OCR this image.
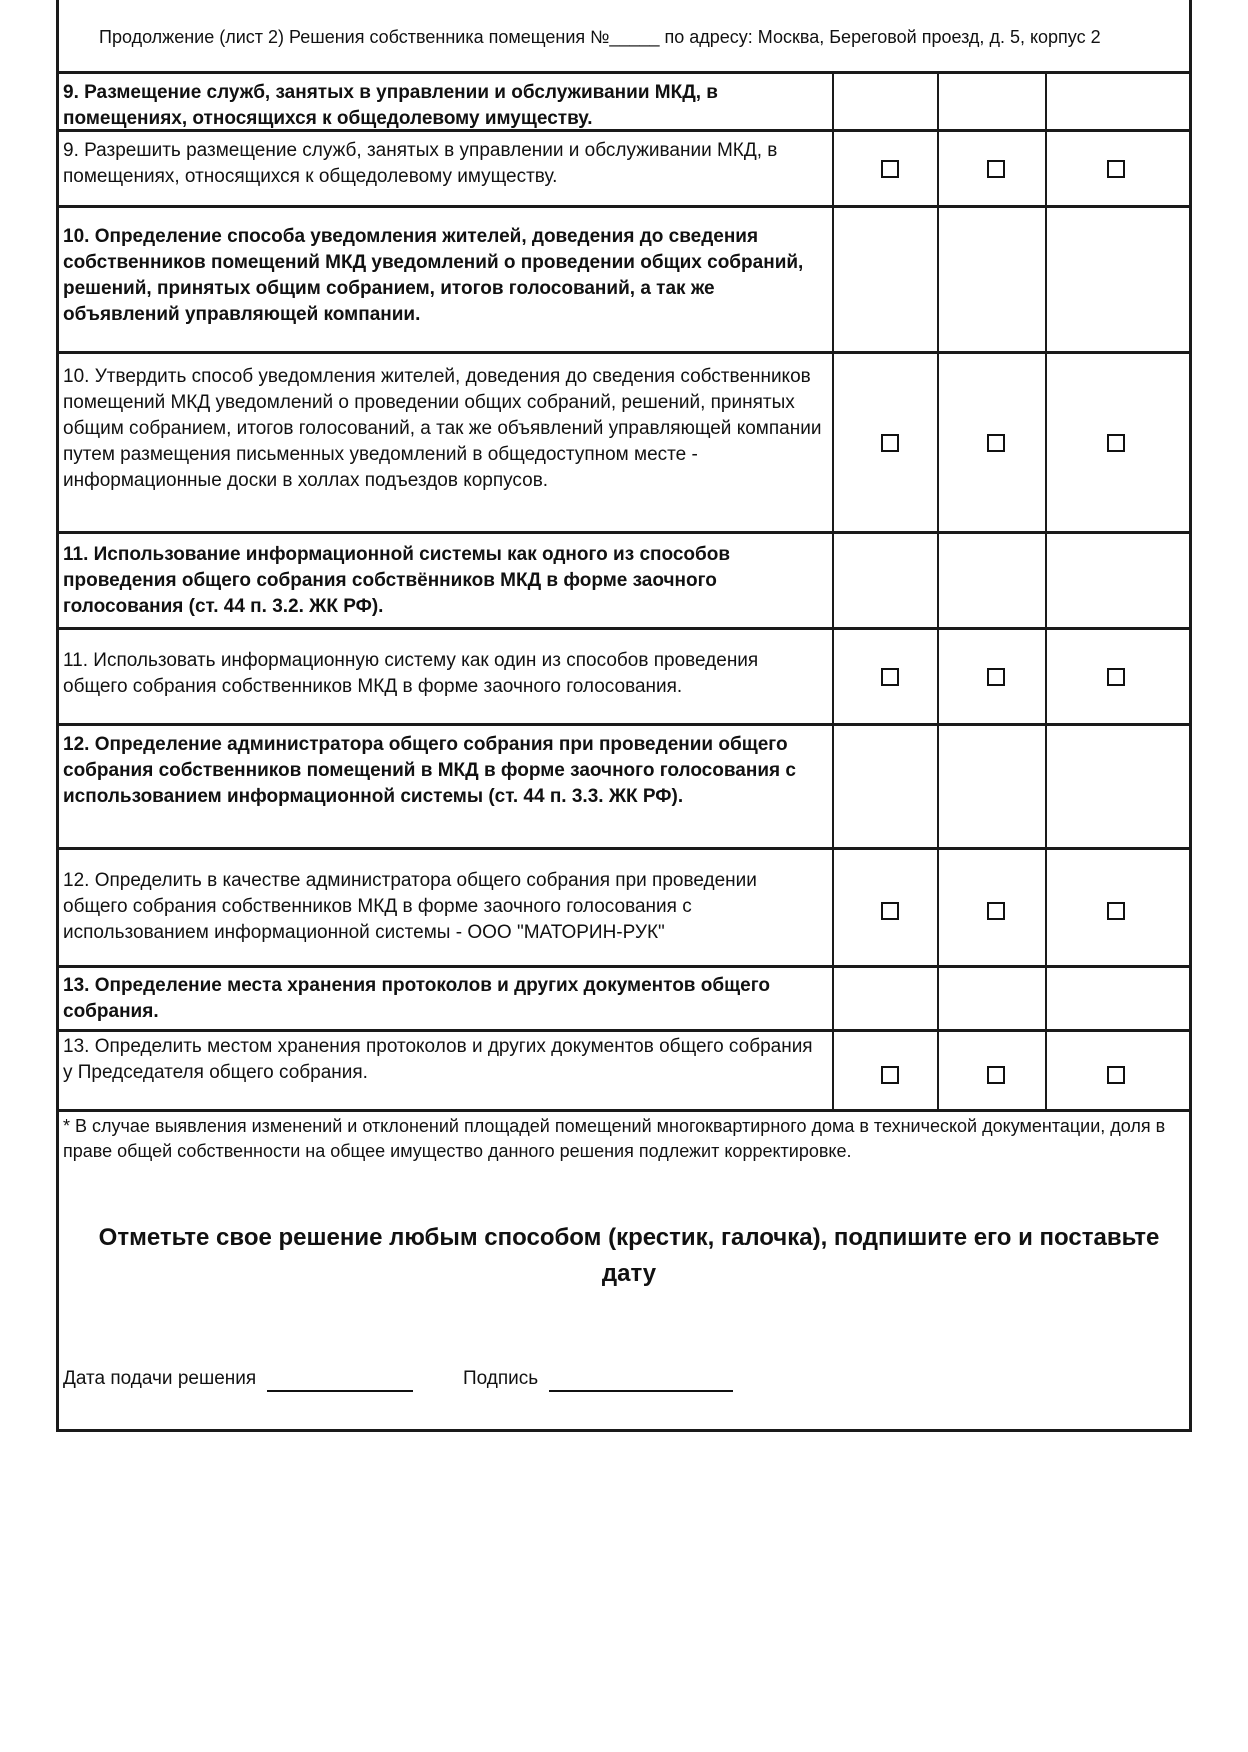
Продолжение (лист 2) Решения собственника помещения №_____ по адресу: Москва, Береговой проезд, д. 5, корпус 2
9. Размещение служб, занятых в управлении и обслуживании МКД, в помещениях, относящихся к общедолевому имуществу.
9. Разрешить размещение служб, занятых в управлении и обслуживании МКД, в помещениях, относящихся к общедолевому имуществу.
10. Определение способа уведомления жителей, доведения до сведения собственников помещений МКД уведомлений о проведении общих собраний, решений, принятых общим собранием, итогов голосований, а так же объявлений управляющей компании.
10. Утвердить способ уведомления жителей, доведения до сведения собственников помещений МКД уведомлений о проведении общих собраний, решений, принятых общим собранием, итогов голосований, а так же объявлений управляющей компании путем размещения письменных уведомлений в общедоступном месте - информационные доски в холлах подъездов корпусов.
11. Использование информационной системы как одного из способов проведения общего собрания собствёнников МКД в форме заочного голосования (ст. 44 п. 3.2. ЖК РФ).
11. Использовать информационную систему как один из способов проведения общего собрания собственников МКД в форме заочного голосования.
12. Определение администратора общего собрания при проведении общего собрания собственников помещений в МКД в форме заочного голосования с использованием информационной системы (ст. 44 п. 3.3. ЖК РФ).
12. Определить в качестве администратора общего собрания при проведении общего собрания собственников МКД в форме заочного голосования с использованием информационной системы - ООО "МАТОРИН-РУК"
13. Определение места хранения протоколов и других документов общего собрания.
13. Определить местом хранения протоколов и других документов общего собрания у Председателя общего собрания.
* В случае выявления изменений и отклонений площадей помещений многоквартирного дома в технической документации, доля в праве общей собственности на общее имущество данного решения подлежит корректировке.
Отметьте свое решение любым способом (крестик, галочка), подпишите его и поставьте дату
Дата подачи решения	Подпись
